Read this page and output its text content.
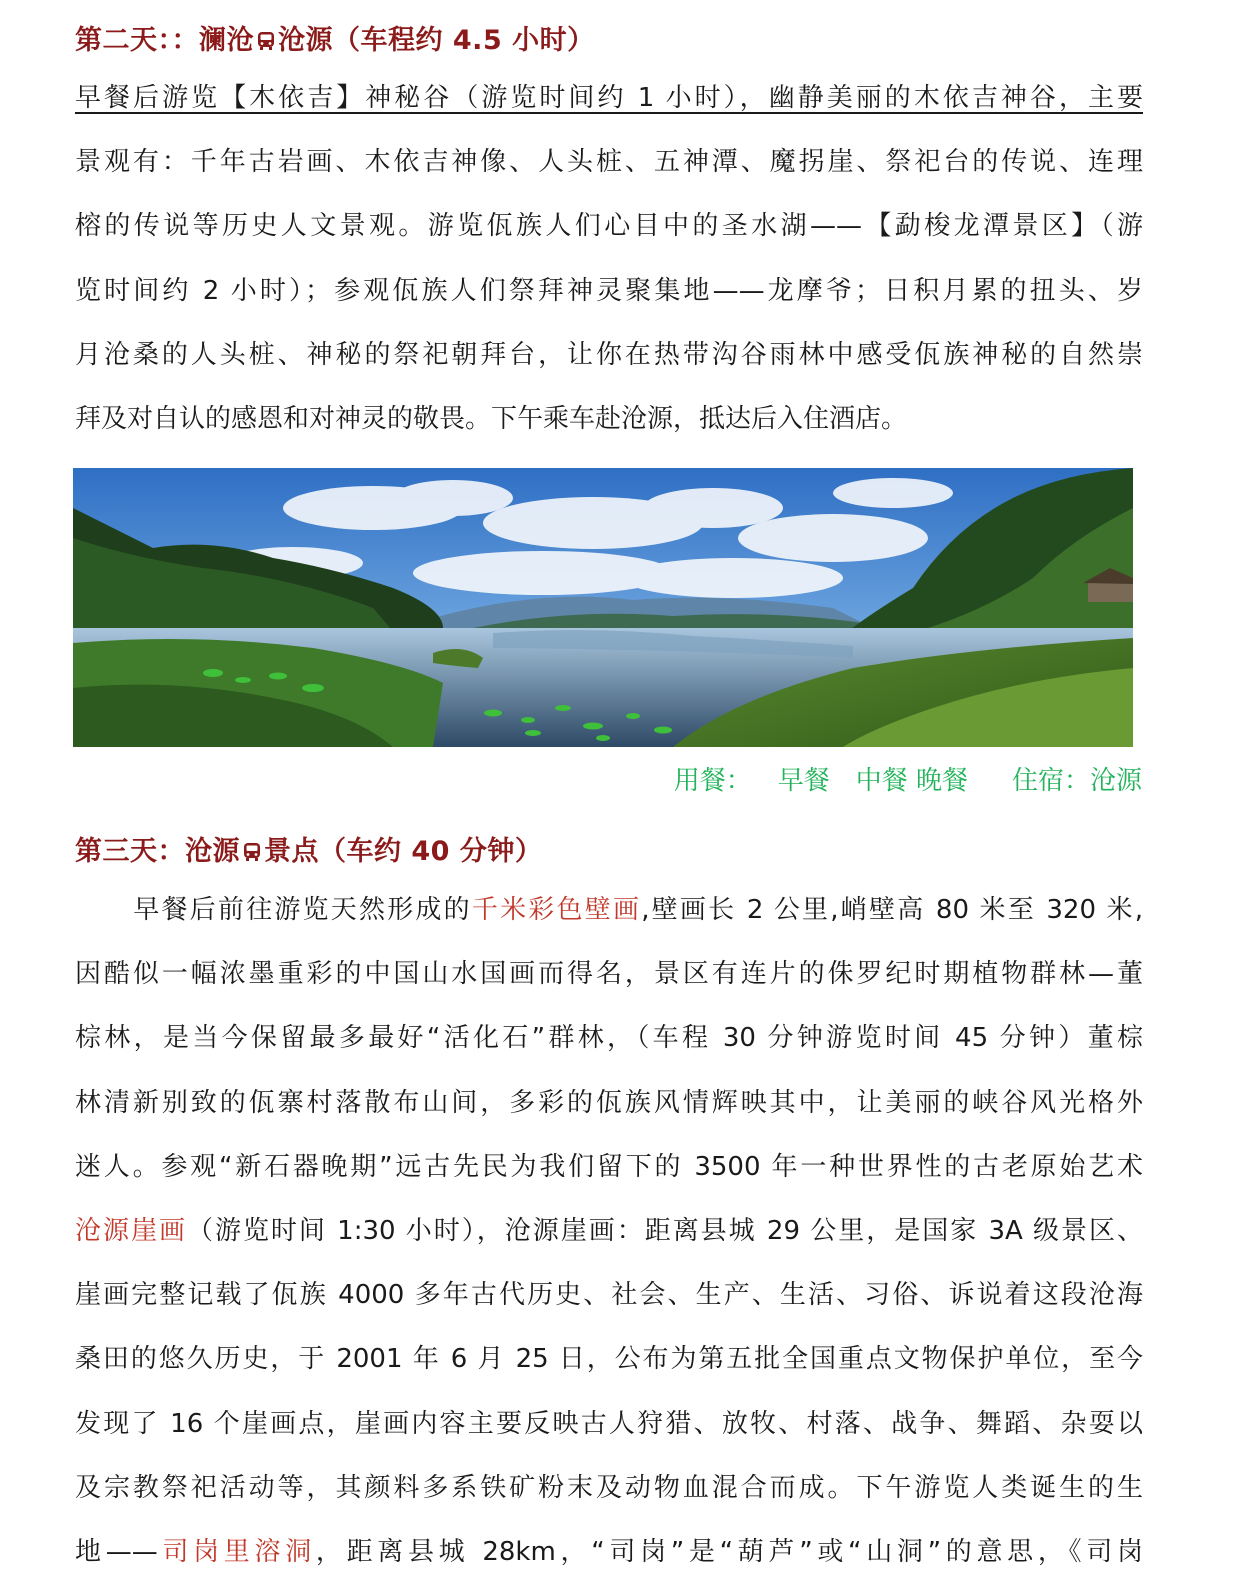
第二天：：澜沧 沧源（车程约 4.5 小时）

早餐后游览【木依吉】神秘谷（游览时间约 1 小时），幽静美丽的木依吉神谷，主要
景观有：千年古岩画、木依吉神像、人头桩、五神潭、魔拐崖、祭祀台的传说、连理
榕的传说等历史人文景观。游览佤族人们心目中的圣水湖——【勐梭龙潭景区】（游
览时间约 2 小时）；参观佤族人们祭拜神灵聚集地——龙摩爷；日积月累的扭头、岁
月沧桑的人头桩、神秘的祭祀朝拜台，让你在热带沟谷雨林中感受佤族神秘的自然崇
拜及对自认的感恩和对神灵的敬畏。下午乘车赴沧源，抵达后入住酒店。

用餐： 早餐 中餐 晚餐 住宿：沧源
第三天：沧源 景点（车约 40 分钟）

早餐后前往游览天然形成的千米彩色壁画,壁画长 2 公里,峭壁高 80 米至 320 米,
因酷似一幅浓墨重彩的中国山水国画而得名，景区有连片的侏罗纪时期植物群林—董
棕林，是当今保留最多最好“活化石”群林，（车程 30 分钟游览时间 45 分钟）董棕
林清新别致的佤寨村落散布山间，多彩的佤族风情辉映其中，让美丽的峡谷风光格外
迷人。参观“新石器晚期”远古先民为我们留下的 3500 年一种世界性的古老原始艺术
沧源崖画（游览时间 1:30 小时），沧源崖画：距离县城 29 公里，是国家 3A 级景区、
崖画完整记载了佤族 4000 多年古代历史、社会、生产、生活、习俗、诉说着这段沧海
桑田的悠久历史，于 2001 年 6 月 25 日，公布为第五批全国重点文物保护单位，至今
发现了 16 个崖画点，崖画内容主要反映古人狩猎、放牧、村落、战争、舞蹈、杂耍以
及宗教祭祀活动等，其颜料多系铁矿粉末及动物血混合而成。下午游览人类诞生的生
地——司岗里溶洞，距离县城 28km，“司岗”是“葫芦”或“山洞”的意思，《司岗
